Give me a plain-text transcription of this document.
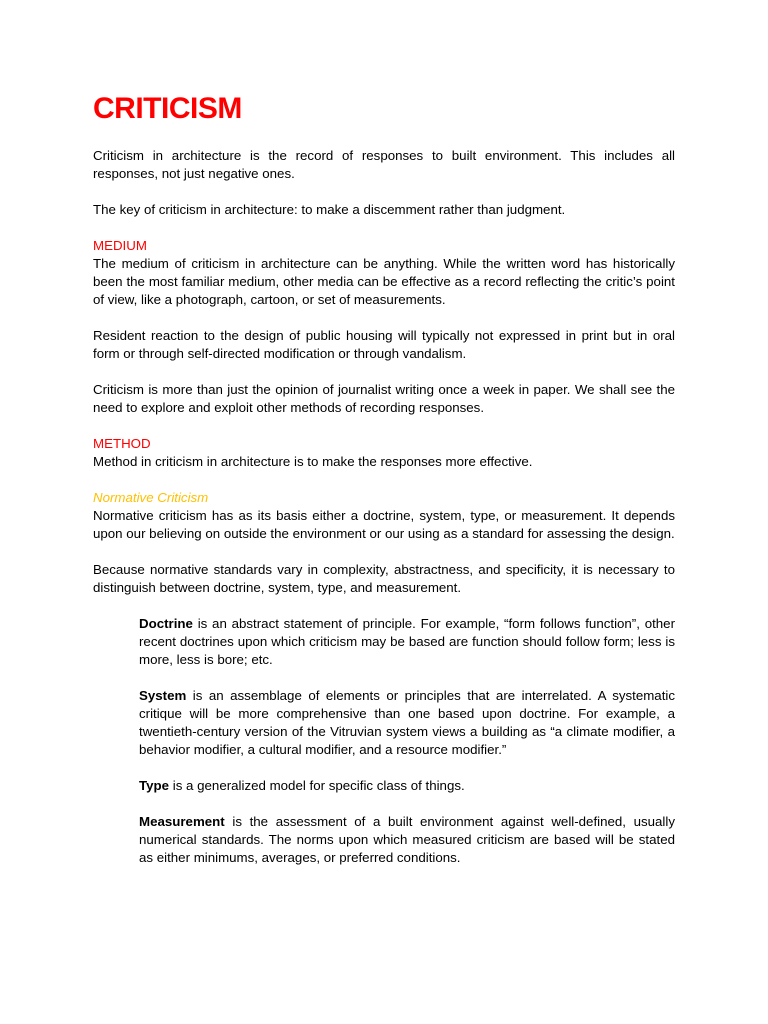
CRITICISM

Criticism in architecture is the record of responses to built environment. This includes all responses, not just negative ones.

The key of criticism in architecture: to make a discemment rather than judgment.

MEDIUM

The medium of criticism in architecture can be anything. While the written word has historically been the most familiar medium, other media can be effective as a record reflecting the critic’s point of view, like a photograph, cartoon, or set of measurements.

Resident reaction to the design of public housing will typically not expressed in print but in oral form or through self-directed modification or through vandalism.

Criticism is more than just the opinion of journalist writing once a week in paper. We shall see the need to explore and exploit other methods of recording responses.

METHOD

Method in criticism in architecture is to make the responses more effective.

Normative Criticism

Normative criticism has as its basis either a doctrine, system, type, or measurement. It depends upon our believing on outside the environment or our using as a standard for assessing the design.

Because normative standards vary in complexity, abstractness, and specificity, it is necessary to distinguish between doctrine, system, type, and measurement.

Doctrine is an abstract statement of principle. For example, “form follows function”, other recent doctrines upon which criticism may be based are function should follow form; less is more, less is bore; etc.

System is an assemblage of elements or principles that are interrelated. A systematic critique will be more comprehensive than one based upon doctrine. For example, a twentieth-century version of the Vitruvian system views a building as “a climate modifier, a behavior modifier, a cultural modifier, and a resource modifier.”

Type is a generalized model for specific class of things.

Measurement is the assessment of a built environment against well-defined, usually numerical standards. The norms upon which measured criticism are based will be stated as either minimums, averages, or preferred conditions.
